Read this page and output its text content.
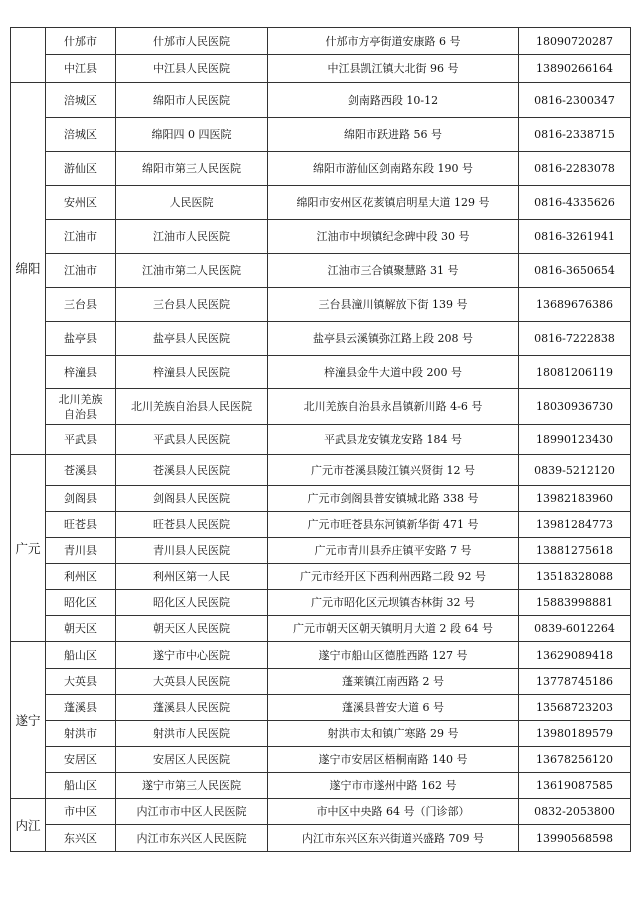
	什邡市	什邡市人民医院	什邡市方亭街道安康路 6 号	18090720287
	中江县	中江县人民医院	中江县凯江镇大北街 96 号	13890266164
绵阳	涪城区	绵阳市人民医院	剑南路西段 10-12	0816-2300347
	涪城区	绵阳四 0 四医院	绵阳市跃进路 56 号	0816-2338715
	游仙区	绵阳市第三人民医院	绵阳市游仙区剑南路东段 190 号	0816-2283078
	安州区	人民医院	绵阳市安州区花荄镇启明星大道 129 号	0816-4335626
	江油市	江油市人民医院	江油市中坝镇纪念碑中段 30 号	0816-3261941
	江油市	江油市第二人民医院	江油市三合镇聚慧路 31 号	0816-3650654
	三台县	三台县人民医院	三台县潼川镇解放下街 139 号	13689676386
	盐亭县	盐亭县人民医院	盐亭县云溪镇弥江路上段 208 号	0816-7222838
	梓潼县	梓潼县人民医院	梓潼县金牛大道中段 200 号	18081206119

	北川羌族
自治县	北川羌族自治县人民医院	北川羌族自治县永昌镇新川路 4-6 号	18030936730
	平武县	平武县人民医院	平武县龙安镇龙安路 184 号	18990123430
广元	苍溪县	苍溪县人民医院	广元市苍溪县陵江镇兴贤街 12 号	0839-5212120
	剑阁县	剑阁县人民医院	广元市剑阁县普安镇城北路 338 号	13982183960
	旺苍县	旺苍县人民医院	广元市旺苍县东河镇新华街 471 号	13981284773
	青川县	青川县人民医院	广元市青川县乔庄镇平安路 7 号	13881275618
	利州区	利州区第一人民	广元市经开区下西利州西路二段 92 号	13518328088
	昭化区	昭化区人民医院	广元市昭化区元坝镇杏林街 32 号	15883998881
	朝天区	朝天区人民医院	广元市朝天区朝天镇明月大道 2 段 64 号	0839-6012264
遂宁	船山区	遂宁市中心医院	遂宁市船山区德胜西路 127 号	13629089418
	大英县	大英县人民医院	蓬莱镇江南西路 2 号	13778745186
	蓬溪县	蓬溪县人民医院	蓬溪县普安大道 6 号	13568723203
	射洪市	射洪市人民医院	射洪市太和镇广寒路 29 号	13980189579
	安居区	安居区人民医院	遂宁市安居区梧桐南路 140 号	13678256120
	船山区	遂宁市第三人民医院	遂宁市市遂州中路 162 号	13619087585
内江	市中区	内江市市中区人民医院	市中区中央路 64 号（门诊部）	0832-2053800
	东兴区	内江市东兴区人民医院	内江市东兴区东兴街道兴盛路 709 号	13990568598
